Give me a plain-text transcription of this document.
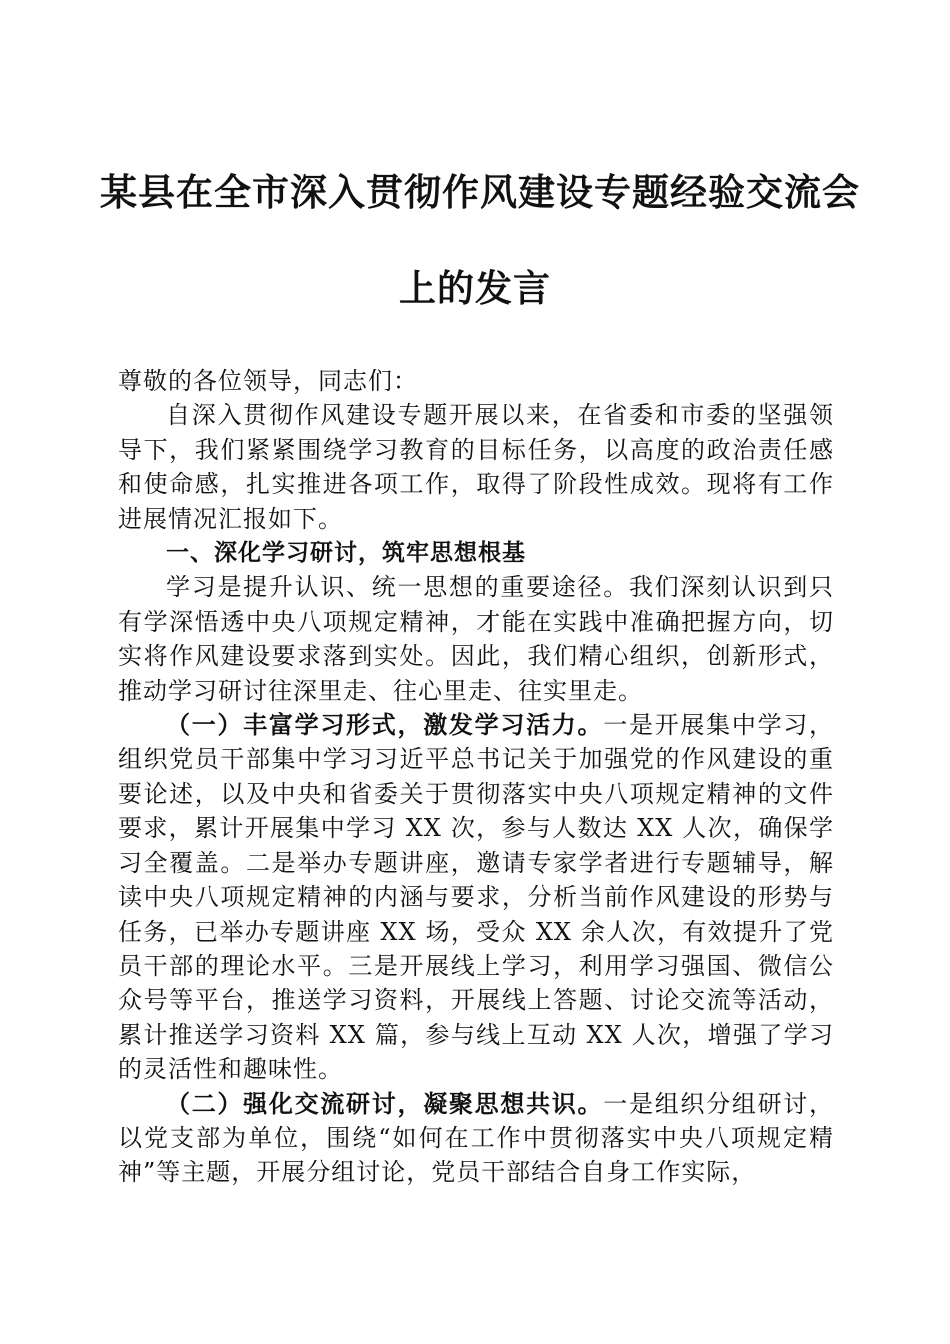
某县在全市深入贯彻作风建设专题经验交流会
上的发言

尊敬的各位领导，同志们：

自深入贯彻作风建设专题开展以来，在省委和市委的坚强领导下，我们紧紧围绕学习教育的目标任务，以高度的政治责任感和使命感，扎实推进各项工作，取得了阶段性成效。现将有工作进展情况汇报如下。

一、深化学习研讨，筑牢思想根基

学习是提升认识、统一思想的重要途径。我们深刻认识到只有学深悟透中央八项规定精神，才能在实践中准确把握方向，切实将作风建设要求落到实处。因此，我们精心组织，创新形式，推动学习研讨往深里走、往心里走、往实里走。

（一）丰富学习形式，激发学习活力。一是开展集中学习，组织党员干部集中学习习近平总书记关于加强党的作风建设的重要论述，以及中央和省委关于贯彻落实中央八项规定精神的文件要求，累计开展集中学习 XX 次，参与人数达 XX 人次，确保学习全覆盖。二是举办专题讲座，邀请专家学者进行专题辅导，解读中央八项规定精神的内涵与要求，分析当前作风建设的形势与任务，已举办专题讲座 XX 场，受众 XX 余人次，有效提升了党员干部的理论水平。三是开展线上学习，利用学习强国、微信公众号等平台，推送学习资料，开展线上答题、讨论交流等活动，累计推送学习资料 XX 篇，参与线上互动 XX 人次，增强了学习的灵活性和趣味性。

（二）强化交流研讨，凝聚思想共识。一是组织分组研讨，以党支部为单位，围绕“如何在工作中贯彻落实中央八项规定精神”等主题，开展分组讨论，党员干部结合自身工作实际，
